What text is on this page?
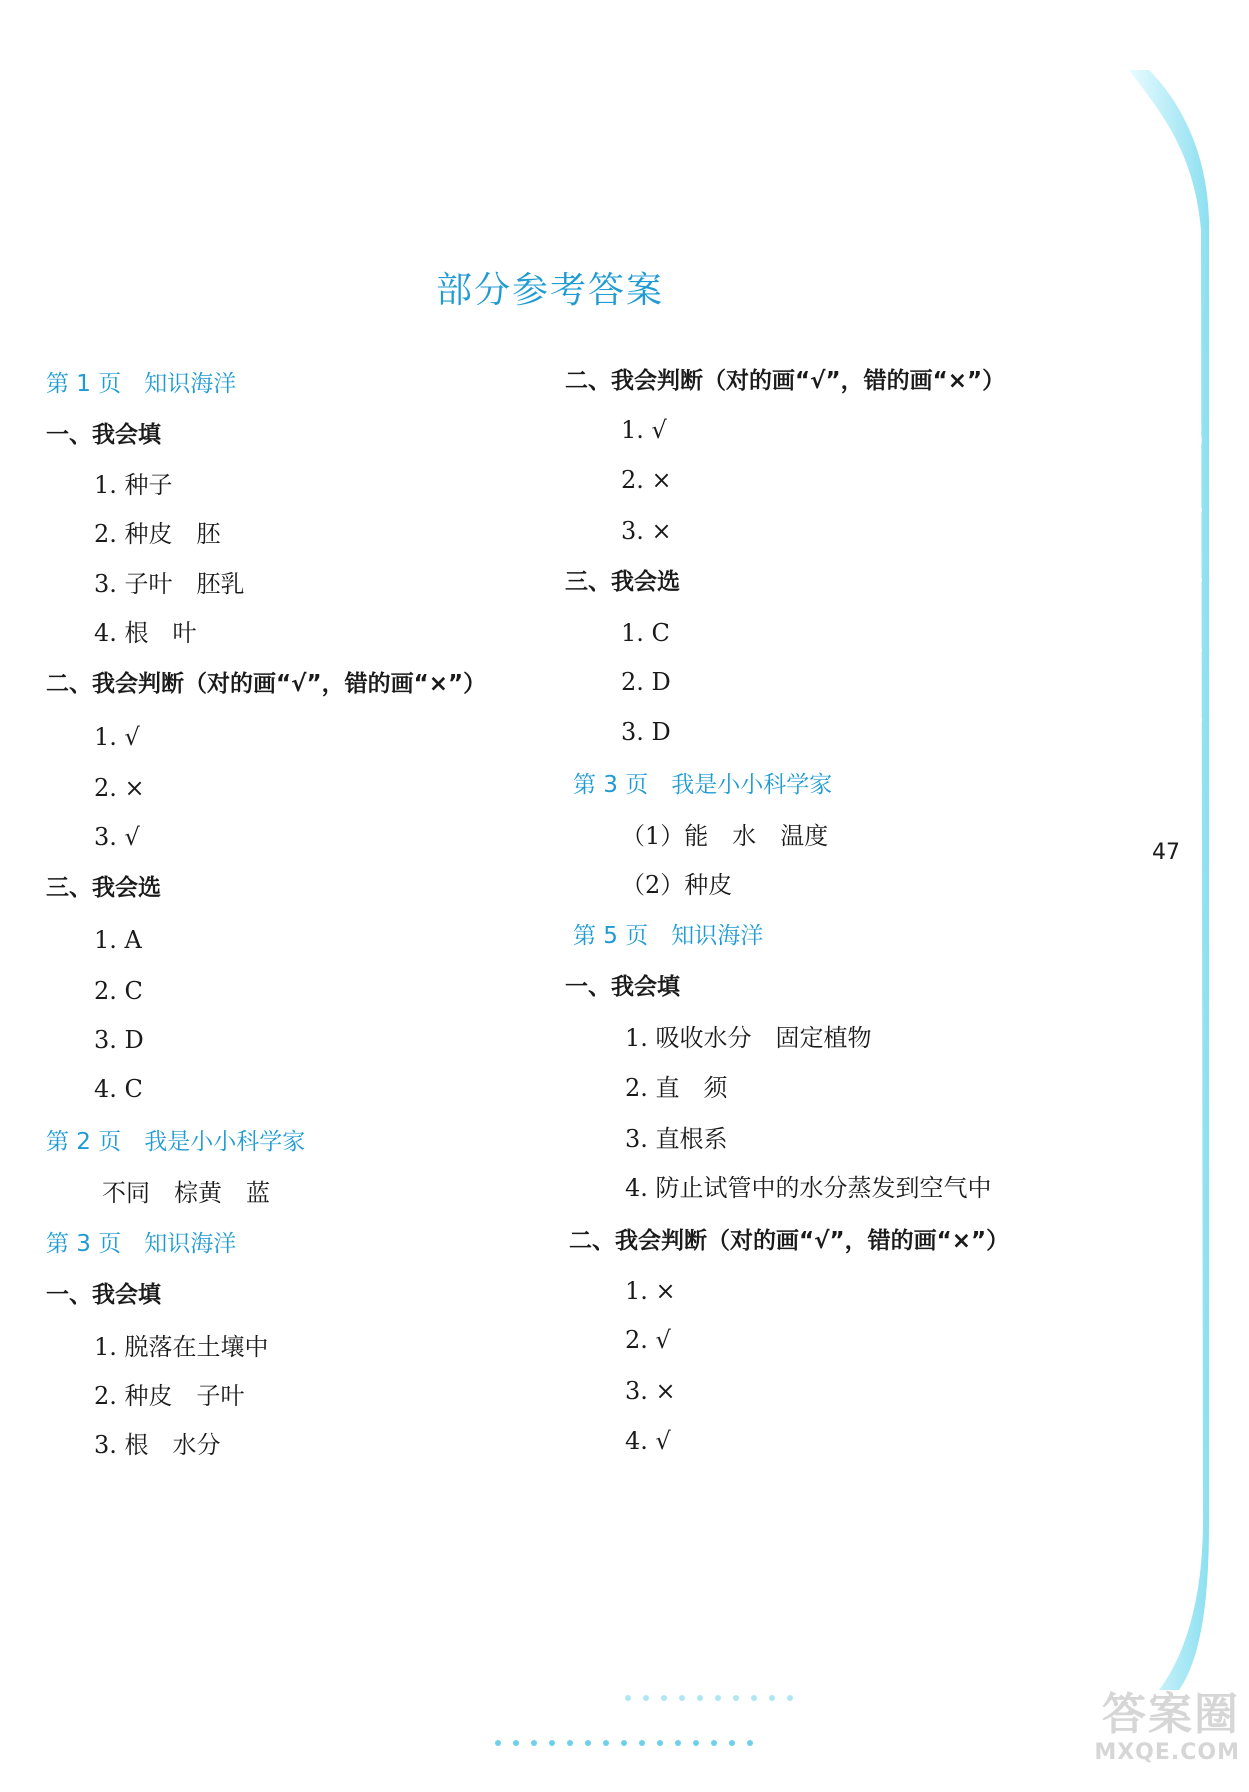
部分参考答案
第 1 页　知识海洋
一、我会填
1. 种子
2. 种皮　胚
3. 子叶　胚乳
4. 根　叶
二、我会判断（对的画“√”，错的画“×”）
1. √
2. ×
3. √
三、我会选
1. A
2. C
3. D
4. C
第 2 页　我是小小科学家
不同　棕黄　蓝
第 3 页　知识海洋
一、我会填
1. 脱落在土壤中
2. 种皮　子叶
3. 根　水分
二、我会判断（对的画“√”，错的画“×”）
1. √
2. ×
3. ×
三、我会选
1. C
2. D
3. D
第 3 页　我是小小科学家
（1）能　水　温度
（2）种皮
第 5 页　知识海洋
一、我会填
1. 吸收水分　固定植物
2. 直　须
3. 直根系
4. 防止试管中的水分蒸发到空气中
二、我会判断（对的画“√”，错的画“×”）
1. ×
2. √
3. ×
4. √
47
答案圈
MXQE.COM
